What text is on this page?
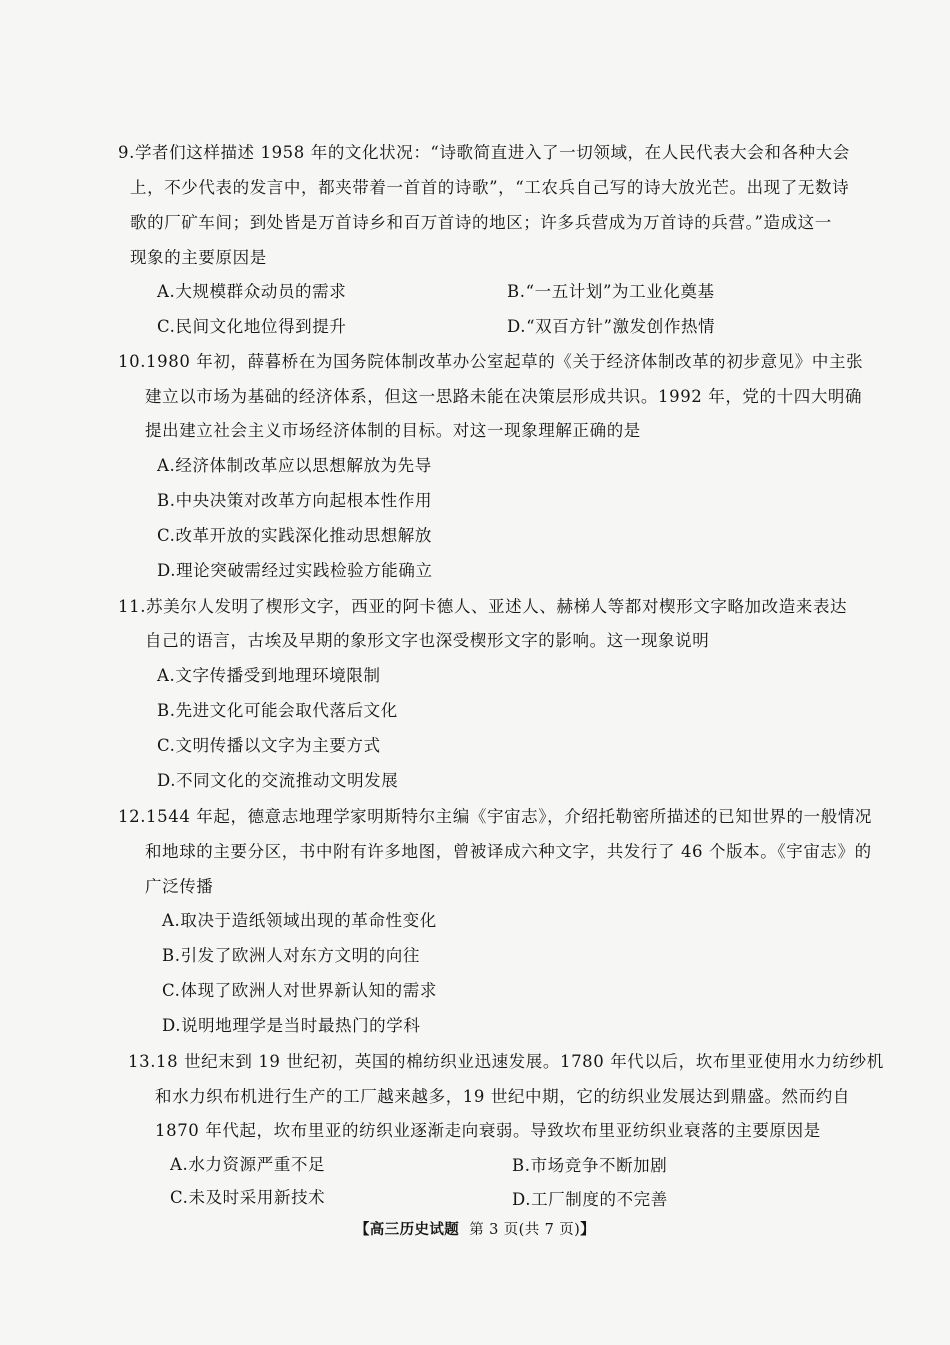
9.学者们这样描述 1958 年的文化状况：“诗歌简直进入了一切领域，在人民代表大会和各种大会
上，不少代表的发言中，都夹带着一首首的诗歌”，“工农兵自己写的诗大放光芒。出现了无数诗
歌的厂矿车间；到处皆是万首诗乡和百万首诗的地区；许多兵营成为万首诗的兵营。”造成这一
现象的主要原因是
A.大规模群众动员的需求	B.“一五计划”为工业化奠基
C.民间文化地位得到提升	D.“双百方针”激发创作热情
10.1980 年初，薛暮桥在为国务院体制改革办公室起草的《关于经济体制改革的初步意见》中主张
建立以市场为基础的经济体系，但这一思路未能在决策层形成共识。1992 年，党的十四大明确
提出建立社会主义市场经济体制的目标。对这一现象理解正确的是
A.经济体制改革应以思想解放为先导
B.中央决策对改革方向起根本性作用
C.改革开放的实践深化推动思想解放
D.理论突破需经过实践检验方能确立
11.苏美尔人发明了楔形文字，西亚的阿卡德人、亚述人、赫梯人等都对楔形文字略加改造来表达
自己的语言，古埃及早期的象形文字也深受楔形文字的影响。这一现象说明
A.文字传播受到地理环境限制
B.先进文化可能会取代落后文化
C.文明传播以文字为主要方式
D.不同文化的交流推动文明发展
12.1544 年起，德意志地理学家明斯特尔主编《宇宙志》，介绍托勒密所描述的已知世界的一般情况
和地球的主要分区，书中附有许多地图，曾被译成六种文字，共发行了 46 个版本。《宇宙志》的
广泛传播
A.取决于造纸领域出现的革命性变化
B.引发了欧洲人对东方文明的向往
C.体现了欧洲人对世界新认知的需求
D.说明地理学是当时最热门的学科
13.18 世纪末到 19 世纪初，英国的棉纺织业迅速发展。1780 年代以后，坎布里亚使用水力纺纱机
和水力织布机进行生产的工厂越来越多，19 世纪中期，它的纺织业发展达到鼎盛。然而约自
1870 年代起，坎布里亚的纺织业逐渐走向衰弱。导致坎布里亚纺织业衰落的主要原因是
A.水力资源严重不足	B.市场竞争不断加剧
C.未及时采用新技术	D.工厂制度的不完善
【高三历史试题 第 3 页(共 7 页)】
